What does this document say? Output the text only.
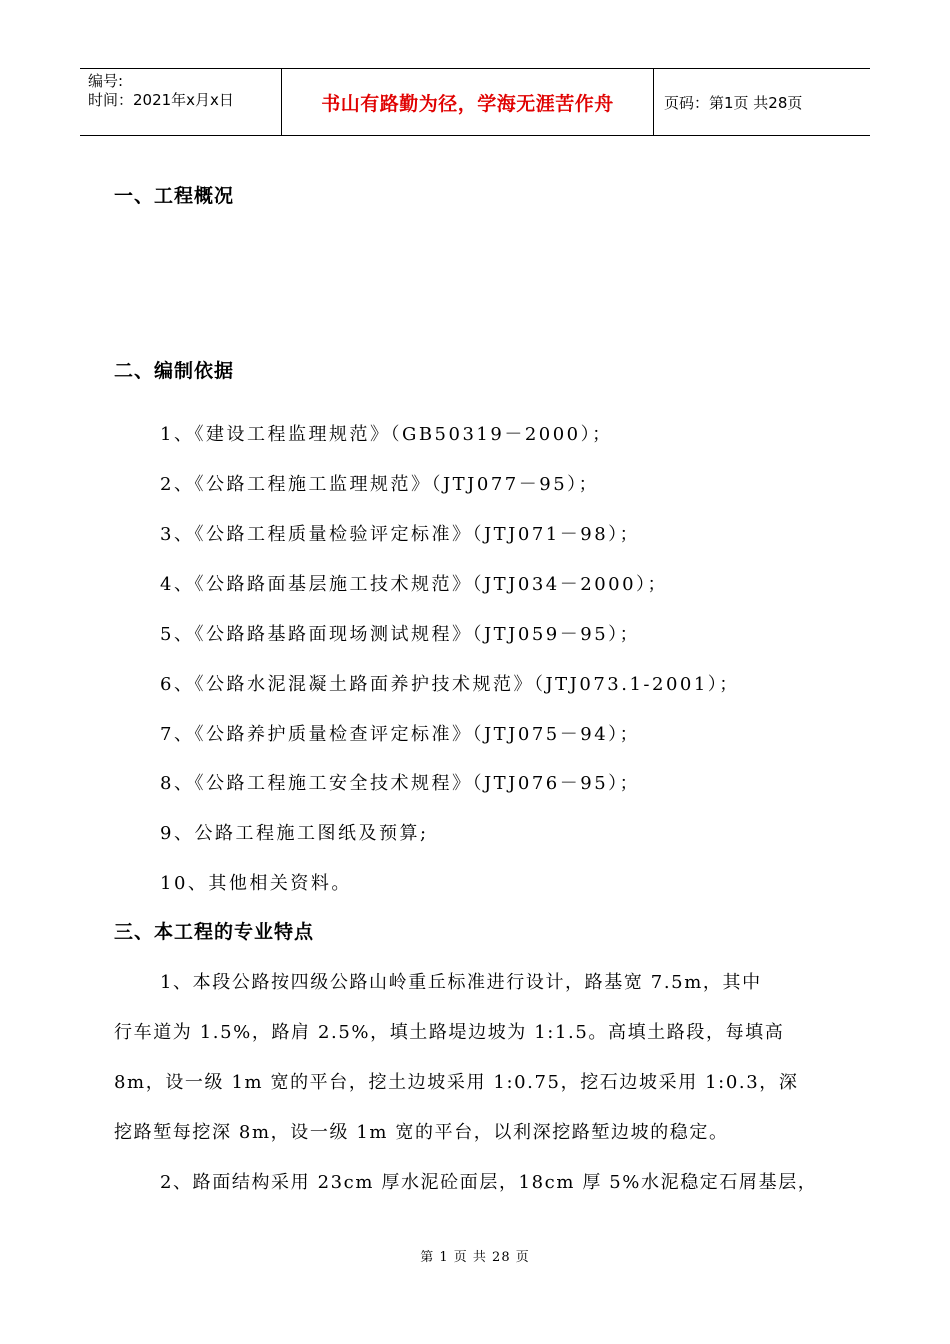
编号:
时间：2021年x月x日	书山有路勤为径，学海无涯苦作舟	页码：第1页 共28页
一、工程概况
二、编制依据
1、《建设工程监理规范》（GB50319－2000）；
2、《公路工程施工监理规范》（JTJ077－95）；
3、《公路工程质量检验评定标准》（JTJ071－98）；
4、《公路路面基层施工技术规范》（JTJ034－2000）；
5、《公路路基路面现场测试规程》（JTJ059－95）；
6、《公路水泥混凝土路面养护技术规范》（JTJ073.1-2001）；
7、《公路养护质量检查评定标准》（JTJ075－94）；
8、《公路工程施工安全技术规程》（JTJ076－95）；
9、公路工程施工图纸及预算;
10、其他相关资料。
三、本工程的专业特点
1、本段公路按四级公路山岭重丘标准进行设计，路基宽 7.5m，其中
行车道为 1.5%，路肩 2.5%，填土路堤边坡为 1:1.5。高填土路段，每填高
8m，设一级 1m 宽的平台，挖土边坡采用 1:0.75，挖石边坡采用 1:0.3，深
挖路堑每挖深 8m，设一级 1m 宽的平台，以利深挖路堑边坡的稳定。
2、路面结构采用 23cm 厚水泥砼面层，18cm 厚 5%水泥稳定石屑基层，
第 1 页 共 28 页
